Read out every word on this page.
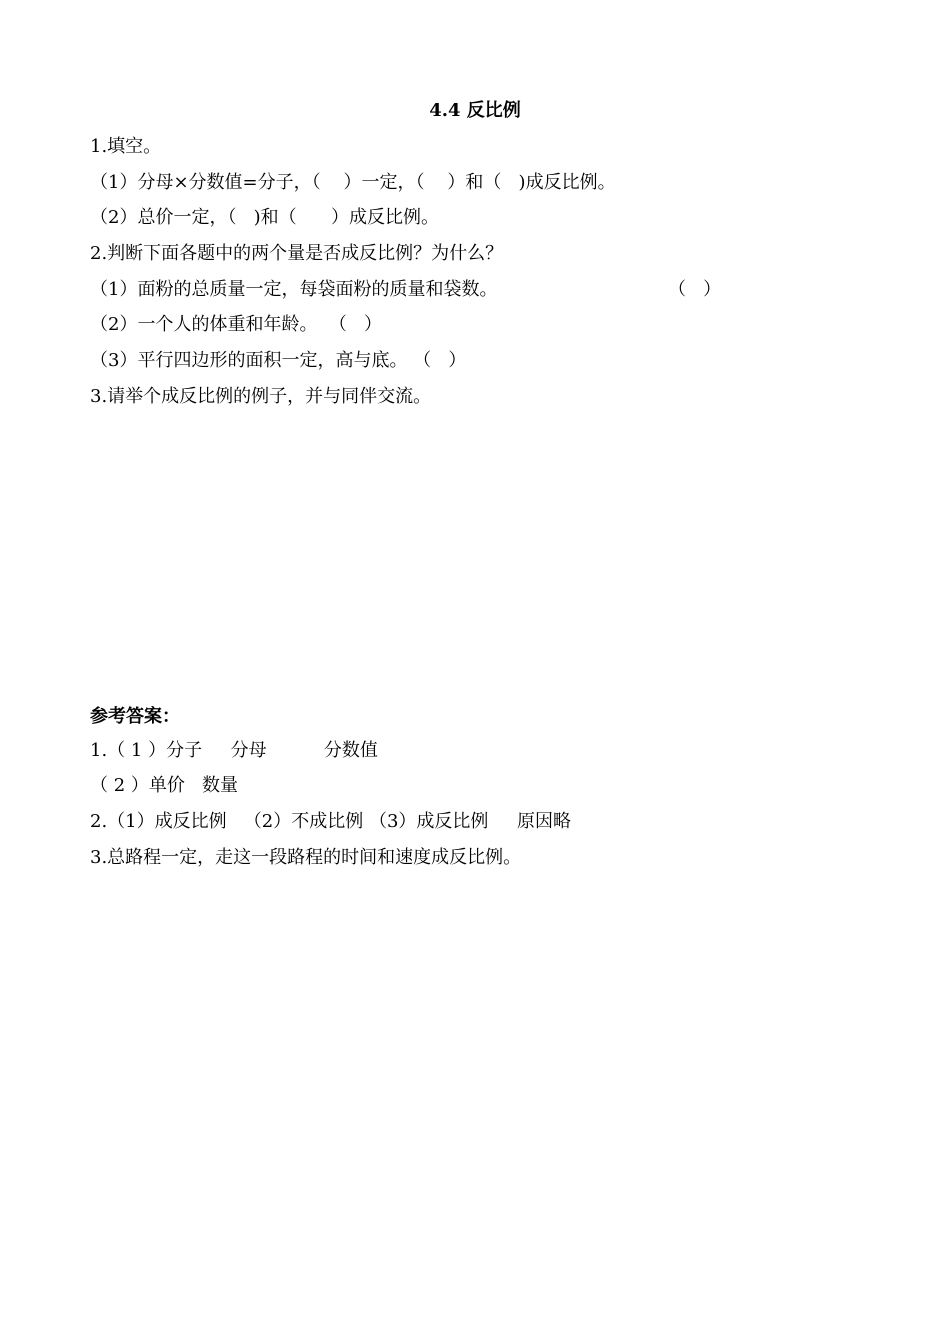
4.4 反比例
1.填空。
（1）分母×分数值=分子，（    ）一定，（    ）和（   )成反比例。
（2）总价一定，（   )和（      ）成反比例。
2.判断下面各题中的两个量是否成反比例？为什么？
（1）面粉的总质量一定，每袋面粉的质量和袋数。	（   ）
（2）一个人的体重和年龄。  （   ）
（3）平行四边形的面积一定，高与底。 （   ）
3.请举个成反比例的例子，并与同伴交流。
参考答案：
1.（ 1 ）分子     分母          分数值
（ 2 ）单价   数量
2.（1）成反比例   （2）不成比例 （3）成反比例     原因略
3.总路程一定，走这一段路程的时间和速度成反比例。
